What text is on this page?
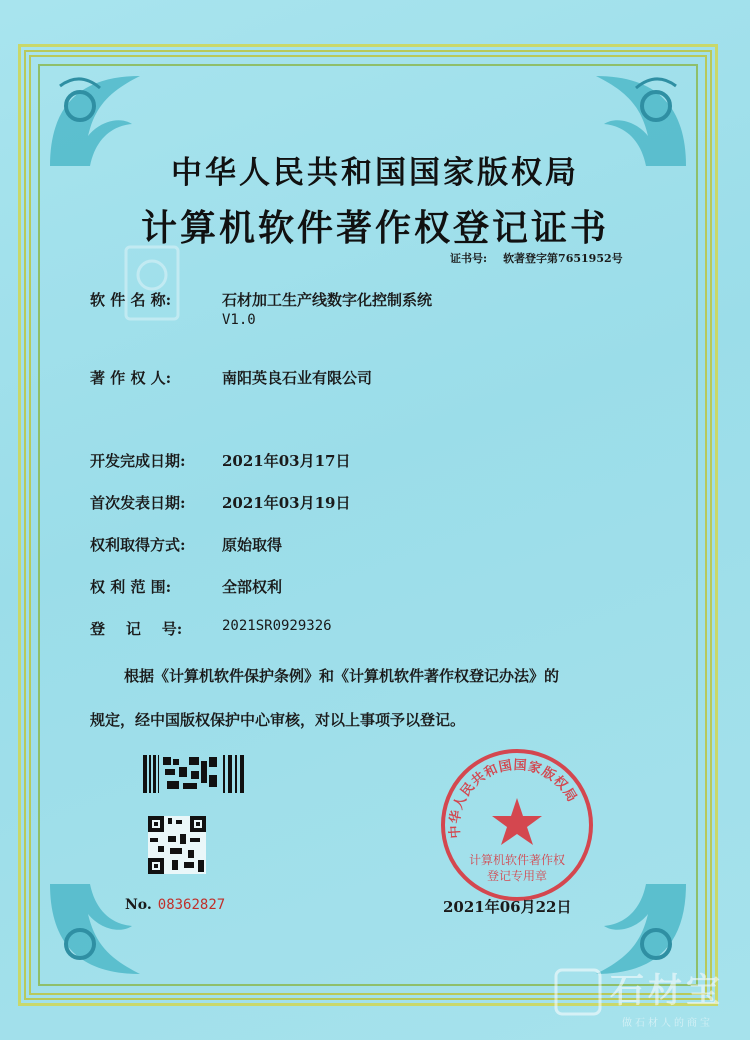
中华人民共和国国家版权局
计算机软件著作权登记证书
证书号: 软著登字第7651952号
软 件 名 称:	石材加工生产线数字化控制系统
V1.0
著 作 权 人:	南阳英良石业有限公司
开发完成日期: 2021年03月17日
首次发表日期: 2021年03月19日
权利取得方式: 原始取得
权 利 范 围:	全部权利
登    记    号:	2021SR0929326
根据《计算机软件保护条例》和《计算机软件著作权登记办法》的
规定，经中国版权保护中心审核，对以上事项予以登记。
No. 08362827
中华人民共和国国家版权局
计算机软件著作权
登记专用章
2021年06月22日
石材宝
做石材人的商宝
